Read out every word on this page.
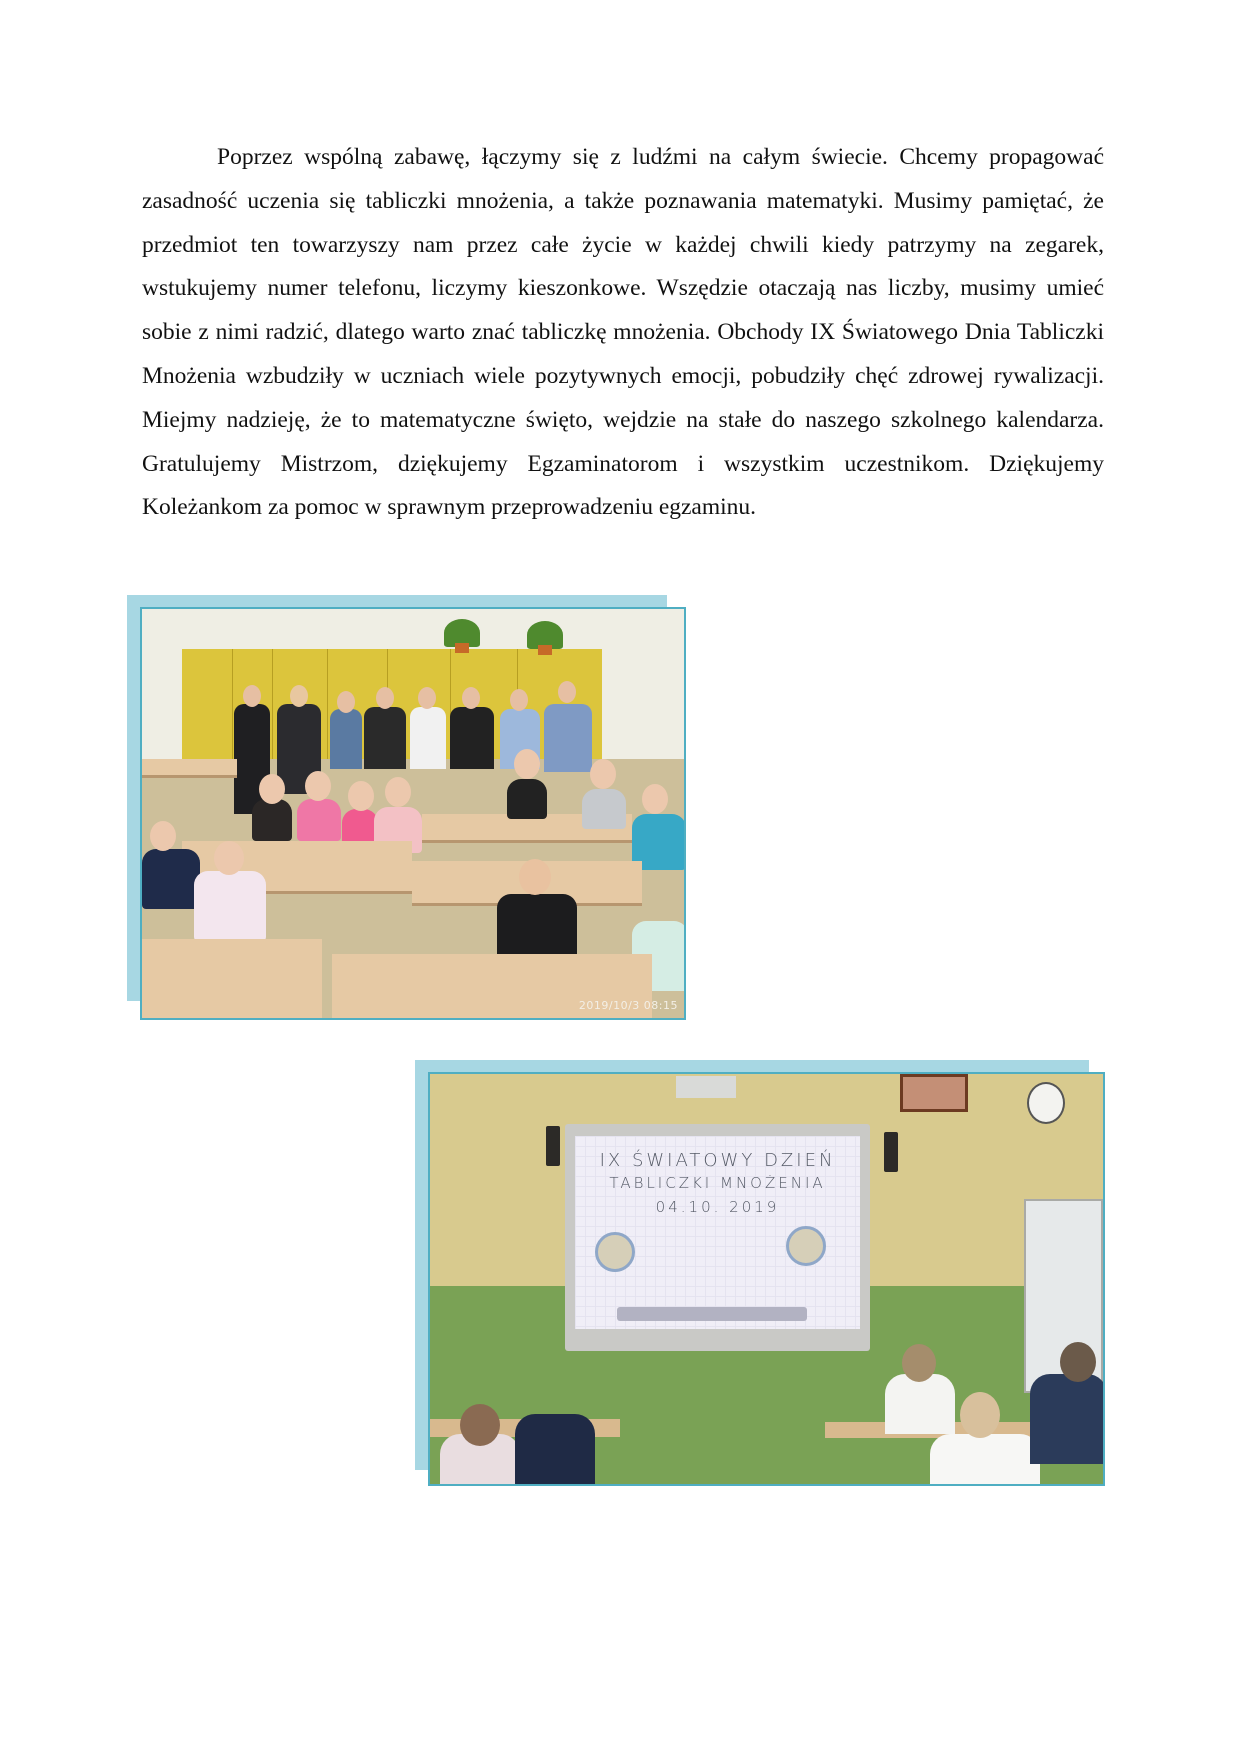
Poprzez wspólną zabawę, łączymy się z ludźmi na całym świecie. Chcemy propagować zasadność uczenia się tabliczki mnożenia, a także poznawania matematyki. Musimy pamiętać, że przedmiot ten towarzyszy nam przez całe życie w każdej chwili kiedy patrzymy na zegarek, wstukujemy numer telefonu, liczymy kieszonkowe. Wszędzie otaczają nas liczby, musimy umieć sobie z nimi radzić, dlatego warto znać tabliczkę mnożenia. Obchody IX Światowego Dnia Tabliczki Mnożenia wzbudziły w uczniach wiele pozytywnych emocji, pobudziły chęć zdrowej rywalizacji. Miejmy nadzieję, że to matematyczne święto, wejdzie na stałe do naszego szkolnego kalendarza. Gratulujemy Mistrzom, dziękujemy Egzaminatorom i wszystkim uczestnikom. Dziękujemy Koleżankom za pomoc w sprawnym przeprowadzeniu egzaminu.

2019/10/3 08:15
IX ŚWIATOWY DZIEŃ
TABLICZKI MNOŻENIA
04.10. 2019
